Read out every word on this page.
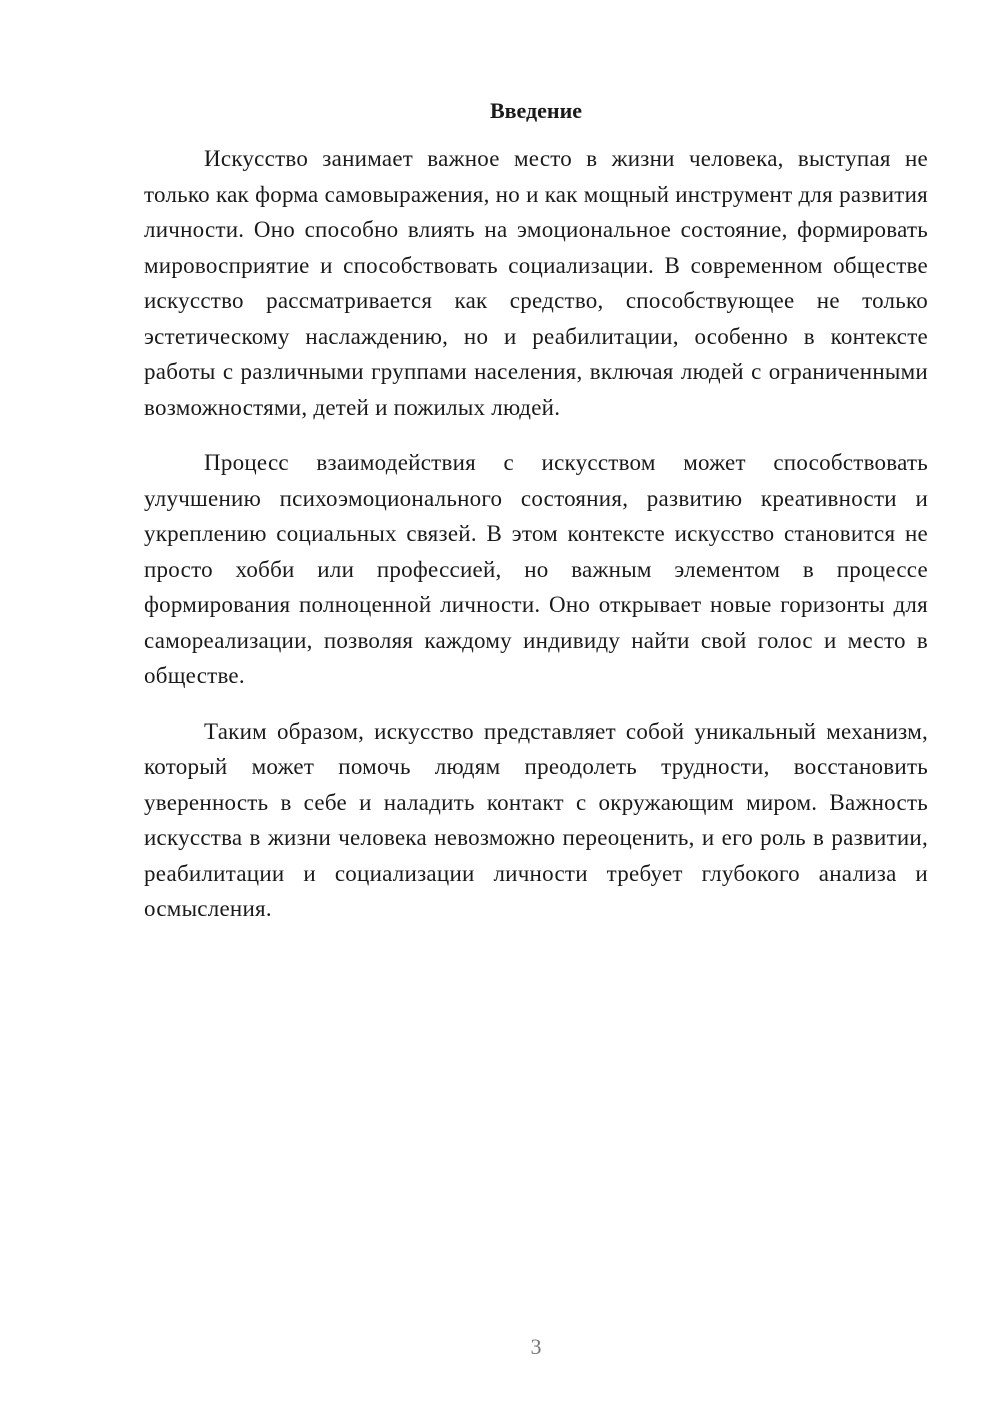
Введение

Искусство занимает важное место в жизни человека, выступая не только как форма самовыражения, но и как мощный инструмент для развития личности. Оно способно влиять на эмоциональное состояние, формировать мировосприятие и способствовать социализации. В современном обществе искусство рассматривается как средство, способствующее не только эстетическому наслаждению, но и реабилитации, особенно в контексте работы с различными группами населения, включая людей с ограниченными возможностями, детей и пожилых людей.

Процесс взаимодействия с искусством может способствовать улучшению психоэмоционального состояния, развитию креативности и укреплению социальных связей. В этом контексте искусство становится не просто хобби или профессией, но важным элементом в процессе формирования полноценной личности. Оно открывает новые горизонты для самореализации, позволяя каждому индивиду найти свой голос и место в обществе.

Таким образом, искусство представляет собой уникальный механизм, который может помочь людям преодолеть трудности, восстановить уверенность в себе и наладить контакт с окружающим миром. Важность искусства в жизни человека невозможно переоценить, и его роль в развитии, реабилитации и социализации личности требует глубокого анализа и осмысления.

3
